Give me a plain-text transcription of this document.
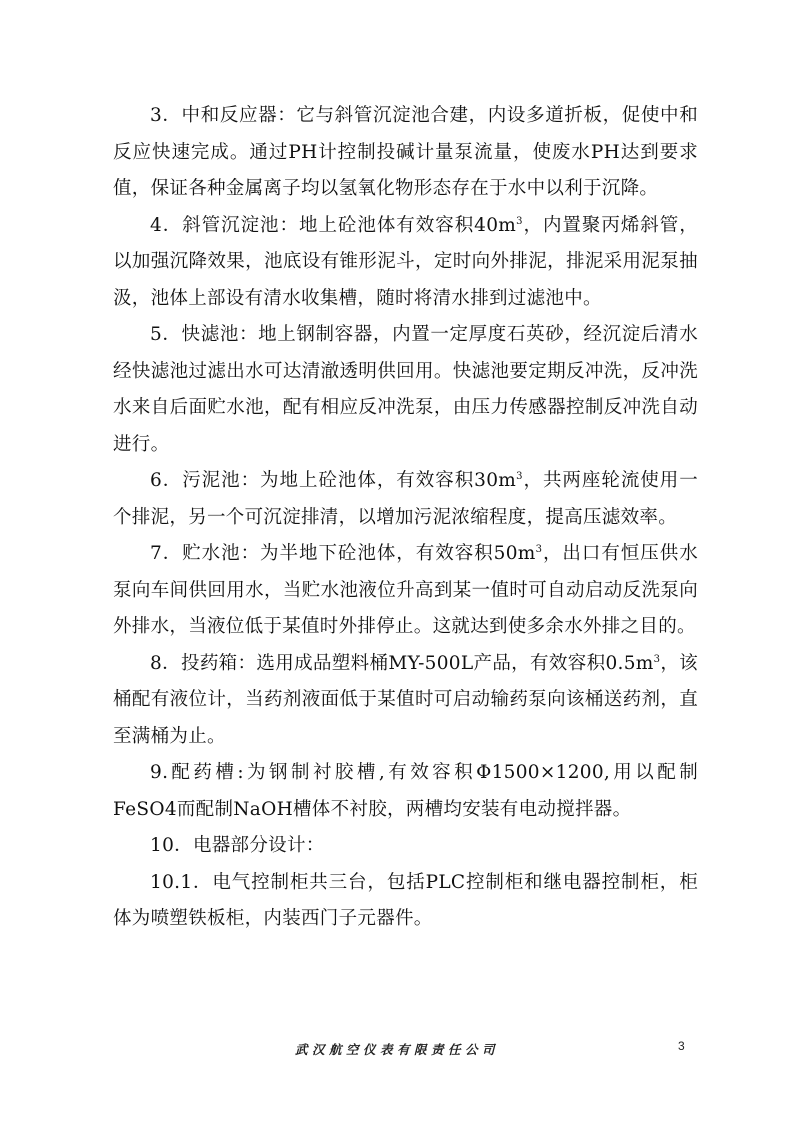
3．中和反应器：它与斜管沉淀池合建，内设多道折板，促使中和反应快速完成。通过PH计控制投碱计量泵流量，使废水PH达到要求值，保证各种金属离子均以氢氧化物形态存在于水中以利于沉降。

4．斜管沉淀池：地上砼池体有效容积$40m^3$，内置聚丙烯斜管，以加强沉降效果，池底设有锥形泥斗，定时向外排泥，排泥采用泥泵抽汲，池体上部设有清水收集槽，随时将清水排到过滤池中。

5．快滤池：地上钢制容器，内置一定厚度石英砂，经沉淀后清水经快滤池过滤出水可达清澈透明供回用。快滤池要定期反冲洗，反冲洗水来自后面贮水池，配有相应反冲洗泵，由压力传感器控制反冲洗自动进行。

6．污泥池：为地上砼池体，有效容积$30m^3$，共两座轮流使用一个排泥，另一个可沉淀排清，以增加污泥浓缩程度，提高压滤效率。

7．贮水池：为半地下砼池体，有效容积$50m^3$，出口有恒压供水泵向车间供回用水，当贮水池液位升高到某一值时可自动启动反洗泵向外排水，当液位低于某值时外排停止。这就达到使多余水外排之目的。

8．投药箱：选用成品塑料桶MY-500L产品，有效容积$0.5m^3$，该桶配有液位计，当药剂液面低于某值时可启动输药泵向该桶送药剂，直至满桶为止。

9.配药槽:为钢制衬胶槽,有效容积Φ1500×1200,用以配制FeSO4而配制NaOH槽体不衬胶，两槽均安装有电动搅拌器。

10．电器部分设计：

10.1．电气控制柜共三台，包括PLC控制柜和继电器控制柜，柜体为喷塑铁板柜，内装西门子元器件。

武汉航空仪表有限责任公司	3
